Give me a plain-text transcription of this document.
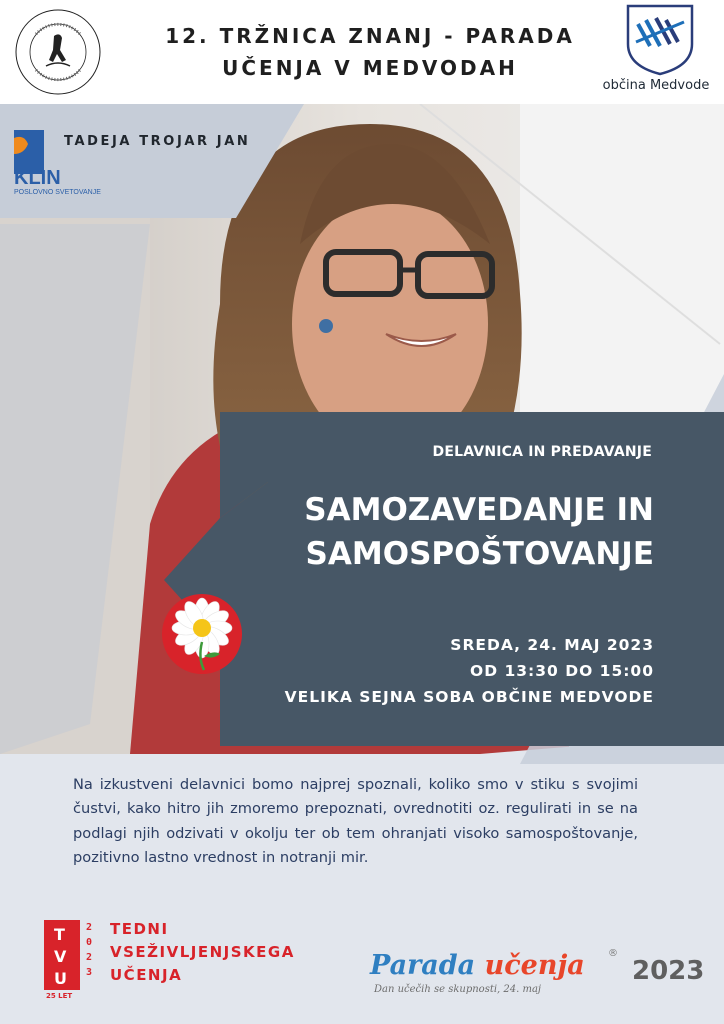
12. TRŽNICA ZNANJ - PARADA
UČENJA V MEDVODAH
občina Medvode
KLIN
POSLOVNO SVETOVANJE
TADEJA TROJAR JAN
DELAVNICA IN PREDAVANJE
SAMOZAVEDANJE IN
SAMOSPOŠTOVANJE
SREDA, 24. MAJ 2023
OD 13:30 DO 15:00
VELIKA SEJNA SOBA OBČINE MEDVODE
Na izkustveni delavnici bomo najprej spoznali, koliko smo v stiku s svojimi čustvi, kako hitro jih zmoremo prepoznati, ovrednotiti oz. regulirati in se na podlagi njih odzivati v okolju ter ob tem ohranjati visoko samospoštovanje, pozitivno lastno vrednost in notranji mir.
T
V
U
2023
25 LET
TEDNI
VSEŽIVLJENJSKEGA
UČENJA	Parada učenja ®
2023
Dan učečih se skupnosti, 24. maj
